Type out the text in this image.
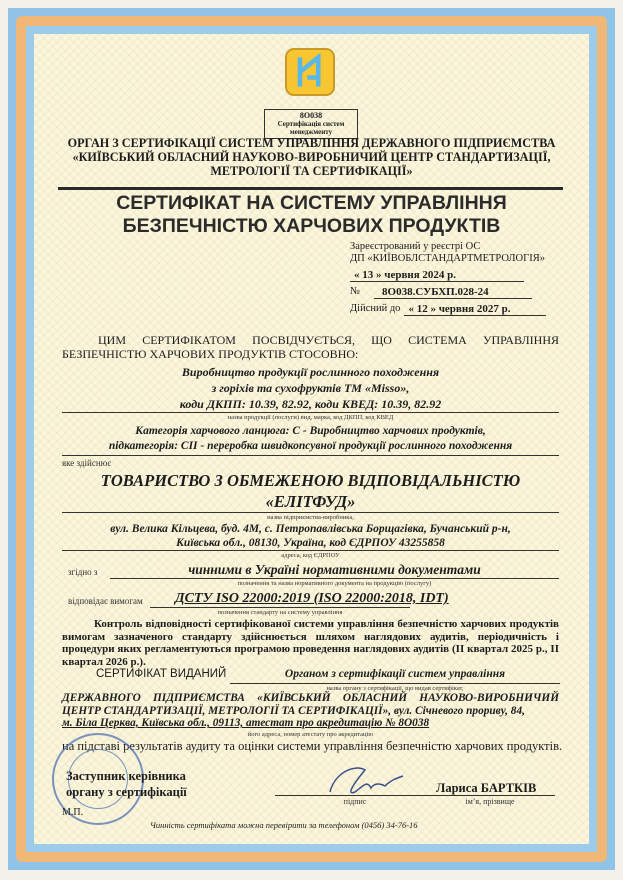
8O038
Сертифікація систем
менеджменту
ОРГАН З СЕРТИФІКАЦІЇ СИСТЕМ УПРАВЛІННЯ ДЕРЖАВНОГО ПІДПРИЄМСТВА
«КИЇВСЬКИЙ ОБЛАСНИЙ НАУКОВО-ВИРОБНИЧИЙ ЦЕНТР СТАНДАРТИЗАЦІЇ,
МЕТРОЛОГІЇ ТА СЕРТИФІКАЦІЇ»
СЕРТИФІКАТ НА СИСТЕМУ УПРАВЛІННЯ
БЕЗПЕЧНІСТЮ ХАРЧОВИХ ПРОДУКТІВ
Зареєстрований у реєстрі ОС
ДП «КИЇВОБЛСТАНДАРТМЕТРОЛОГІЯ»
« 13 » червня 2024 р.
№	8O038.СУБХП.028-24
Дійсний до « 12 » червня 2027 р.
ЦИМ СЕРТИФІКАТОМ ПОСВІДЧУЄТЬСЯ, ЩО СИСТЕМА УПРАВЛІННЯ БЕЗПЕЧНІСТЮ ХАРЧОВИХ ПРОДУКТІВ СТОСОВНО:
Виробництво продукції рослинного походження
з горіхів та сухофруктів ТМ «Misso»,
коди ДКПП: 10.39, 82.92, коди КВЕД: 10.39, 82.92
назва продукції (послуги) вид, марка, код ДКПП, код КВЕД
Категорія харчового ланцюга: С - Виробництво харчових продуктів,
підкатегорія: СІІ - переробка швидкопсувної продукції рослинного походження
яке здійснює
ТОВАРИСТВО З ОБМЕЖЕНОЮ ВІДПОВІДАЛЬНІСТЮ
«ЕЛІТФУД»
назва підприємства-виробника,
вул. Велика Кільцева, буд. 4М, с. Петропавлівська Борщагівка, Бучанський р-н,
Київська обл., 08130, Україна, код ЄДРПОУ 43255858
адреса, код ЄДРПОУ
згідно з	чинними в Україні нормативними документами
позначення та назва нормативного документа на продукцію (послугу)
відповідає вимогам ДСТУ ISO 22000:2019 (ISO 22000:2018, IDT)
позначення стандарту на систему управління
Контроль відповідності сертифікованої системи управління безпечністю харчових продуктів вимогам зазначеного стандарту здійснюється шляхом наглядових аудитів, періодичність і процедури яких регламентуються програмою проведення наглядових аудитів (ІІ квартал 2025 р., ІІ квартал 2026 р.).
СЕРТИФІКАТ ВИДАНИЙ	Органом з сертифікації систем управління
назва органу з сертифікації, що видав сертифікат,
ДЕРЖАВНОГО ПІДПРИЄМСТВА «КИЇВСЬКИЙ ОБЛАСНИЙ НАУКОВО-ВИРОБНИЧИЙ
ЦЕНТР СТАНДАРТИЗАЦІЇ, МЕТРОЛОГІЇ ТА СЕРТИФІКАЦІЇ», вул. Січневого прориву, 84,
м. Біла Церква, Київська обл., 09113, атестат про акредитацію № 8O038
його адреса, номер атестату про акредитацію
на підставі результатів аудиту та оцінки системи управління безпечністю харчових продуктів.
Заступник керівника
органу з сертифікації
М.П.
підпис
Лариса БАРТКІВ
ім’я, прізвище
Чинність сертифіката можна перевірити за телефоном (0456) 34-76-16
